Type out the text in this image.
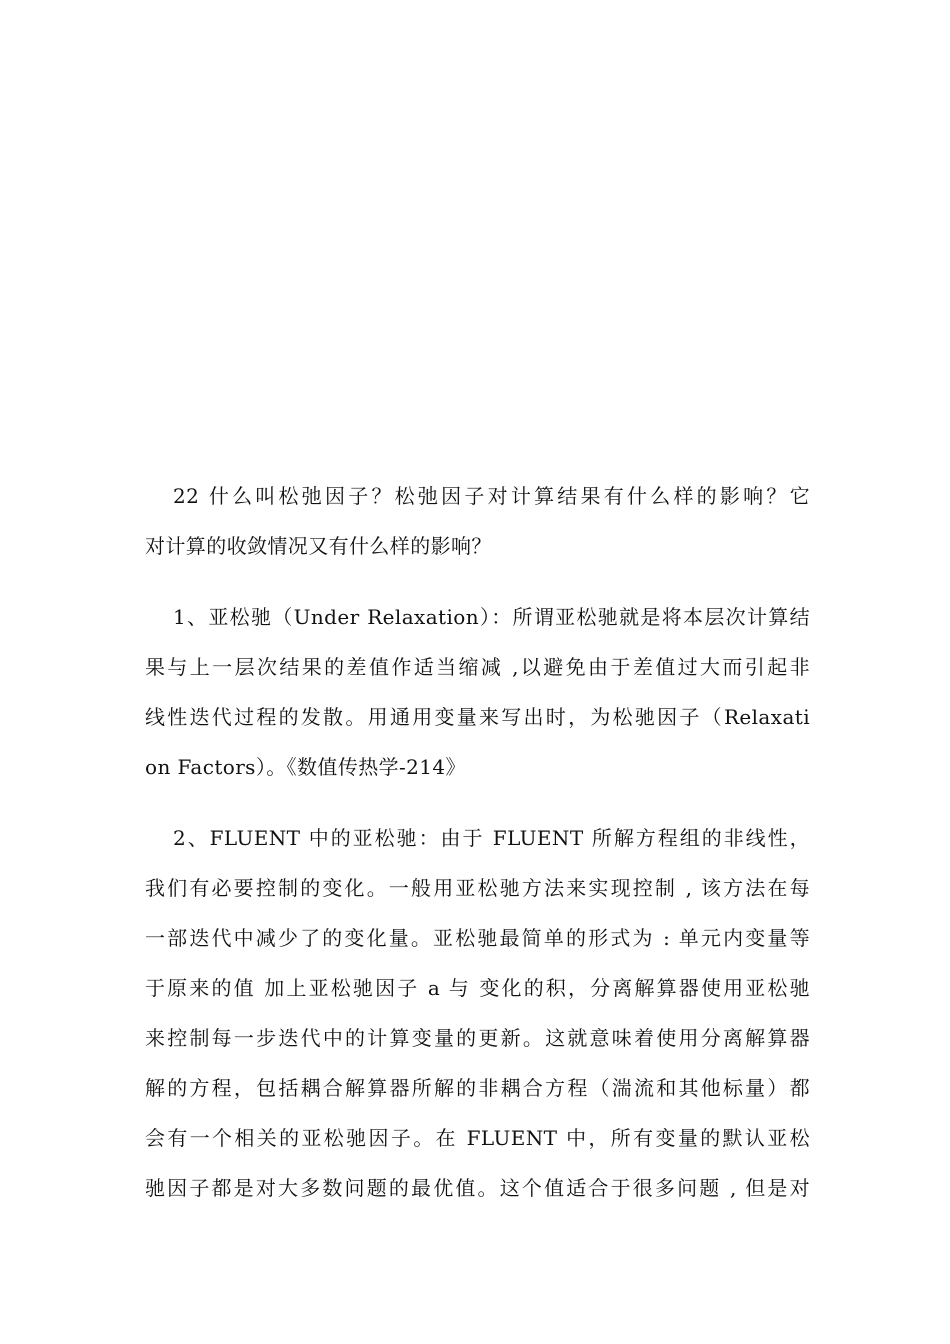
22 什么叫松弛因子？松弛因子对计算结果有什么样的影响？它
对计算的收敛情况又有什么样的影响？
1、亚松驰（Under Relaxation）：所谓亚松驰就是将本层次计算结
果与上一层次结果的差值作适当缩减 ,以避免由于差值过大而引起非
线性迭代过程的发散。用通用变量来写出时，为松驰因子（Relaxati
on Factors）。《数值传热学-214》
2、FLUENT 中的亚松驰：由于 FLUENT 所解方程组的非线性，
我们有必要控制的变化。一般用亚松驰方法来实现控制 , 该方法在每
一部迭代中减少了的变化量。亚松驰最简单的形式为 : 单元内变量等
于原来的值 加上亚松驰因子 a 与 变化的积，分离解算器使用亚松驰
来控制每一步迭代中的计算变量的更新。这就意味着使用分离解算器
解的方程，包括耦合解算器所解的非耦合方程（湍流和其他标量）都
会有一个相关的亚松驰因子。在 FLUENT 中，所有变量的默认亚松
驰因子都是对大多数问题的最优值。这个值适合于很多问题 , 但是对
